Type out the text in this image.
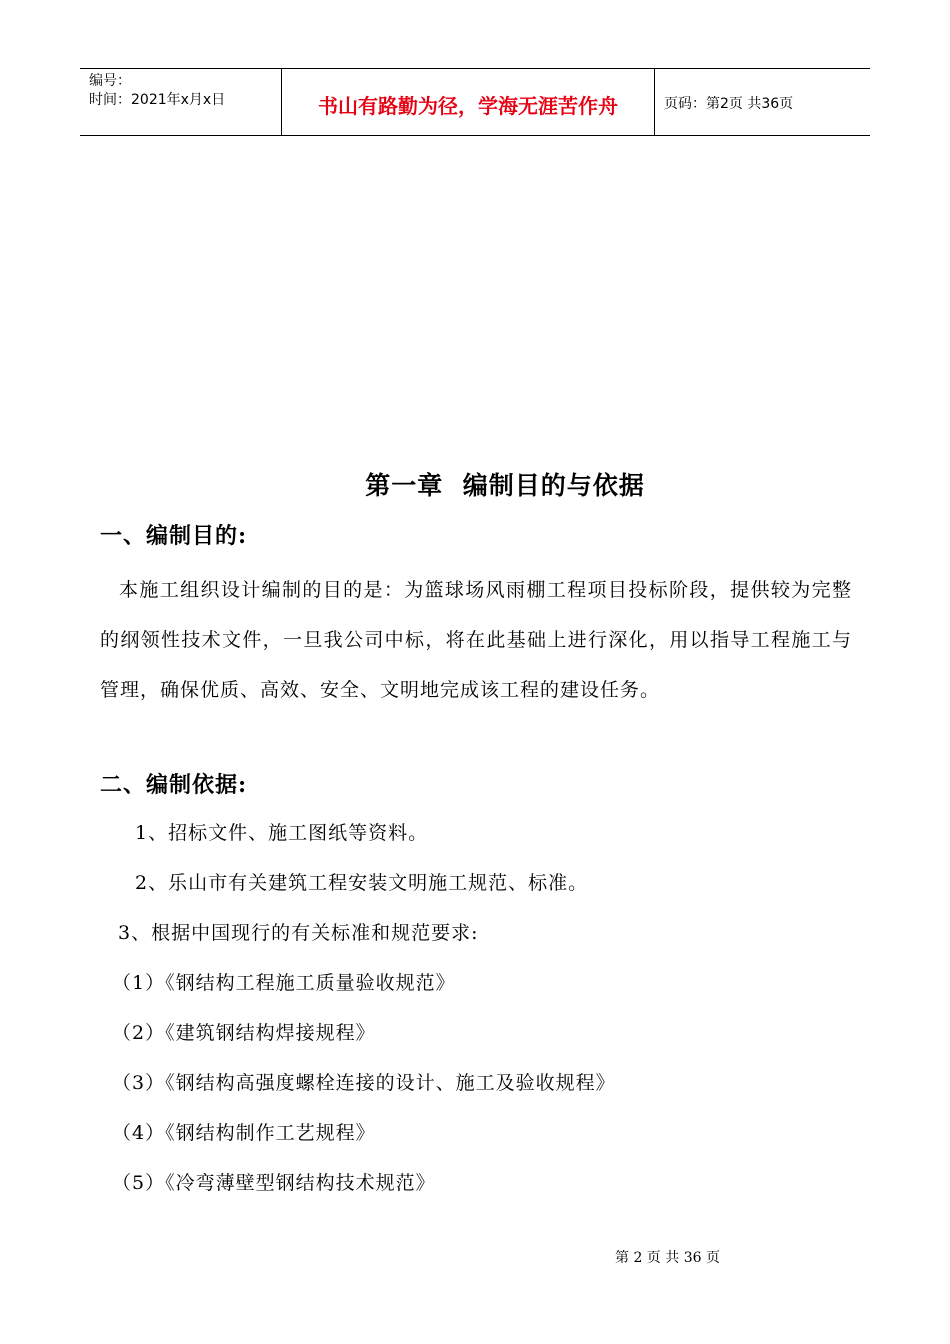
编号：
时间：2021年x月x日	书山有路勤为径，学海无涯苦作舟	页码：第2页 共36页
第一章  编制目的与依据
一、编制目的:
本施工组织设计编制的目的是：为篮球场风雨棚工程项目投标阶段，提供较为完整的纲领性技术文件，一旦我公司中标，将在此基础上进行深化，用以指导工程施工与管理，确保优质、高效、安全、文明地完成该工程的建设任务。
二、编制依据:
1、招标文件、施工图纸等资料。
2、乐山市有关建筑工程安装文明施工规范、标准。
3、根据中国现行的有关标准和规范要求:
（1）《钢结构工程施工质量验收规范》
（2）《建筑钢结构焊接规程》
（3）《钢结构高强度螺栓连接的设计、施工及验收规程》
（4）《钢结构制作工艺规程》
（5）《冷弯薄壁型钢结构技术规范》
第 2 页 共 36 页
